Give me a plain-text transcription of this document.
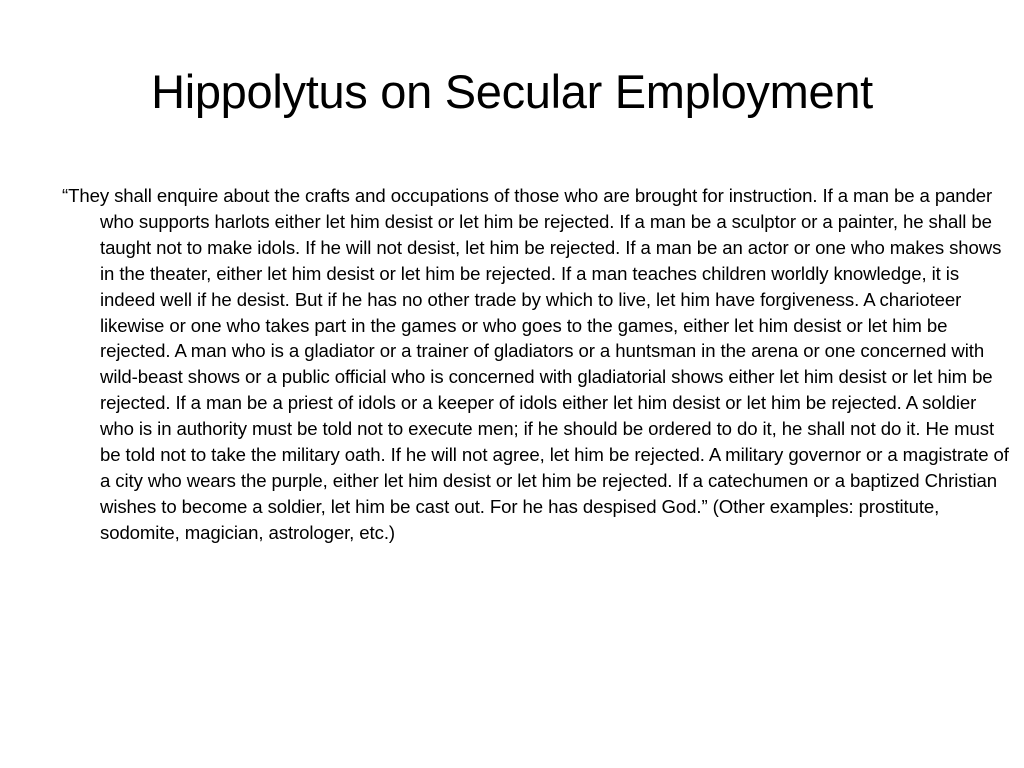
Hippolytus on Secular Employment

“They shall enquire about the crafts and occupations of those who are brought for instruction. If a man be a pander who supports harlots either let him desist or let him be rejected. If a man be a sculptor or a painter, he shall be taught not to make idols. If he will not desist, let him be rejected. If a man be an actor or one who makes shows in the theater, either let him desist or let him be rejected. If a man teaches children worldly knowledge, it is indeed well if he desist. But if he has no other trade by which to live, let him have forgiveness. A charioteer likewise or one who takes part in the games or who goes to the games, either let him desist or let him be rejected. A man who is a gladiator or a trainer of gladiators or a huntsman in the arena or one concerned with wild-beast shows or a public official who is concerned with gladiatorial shows either let him desist or let him be rejected. If a man be a priest of idols or a keeper of idols either let him desist or let him be rejected. A soldier who is in authority must be told not to execute men; if he should be ordered to do it, he shall not do it. He must be told not to take the military oath. If he will not agree, let him be rejected. A military governor or a magistrate of a city who wears the purple, either let him desist or let him be rejected. If a catechumen or a baptized Christian wishes to become a soldier, let him be cast out. For he has despised God.” (Other examples: prostitute, sodomite, magician, astrologer, etc.)
